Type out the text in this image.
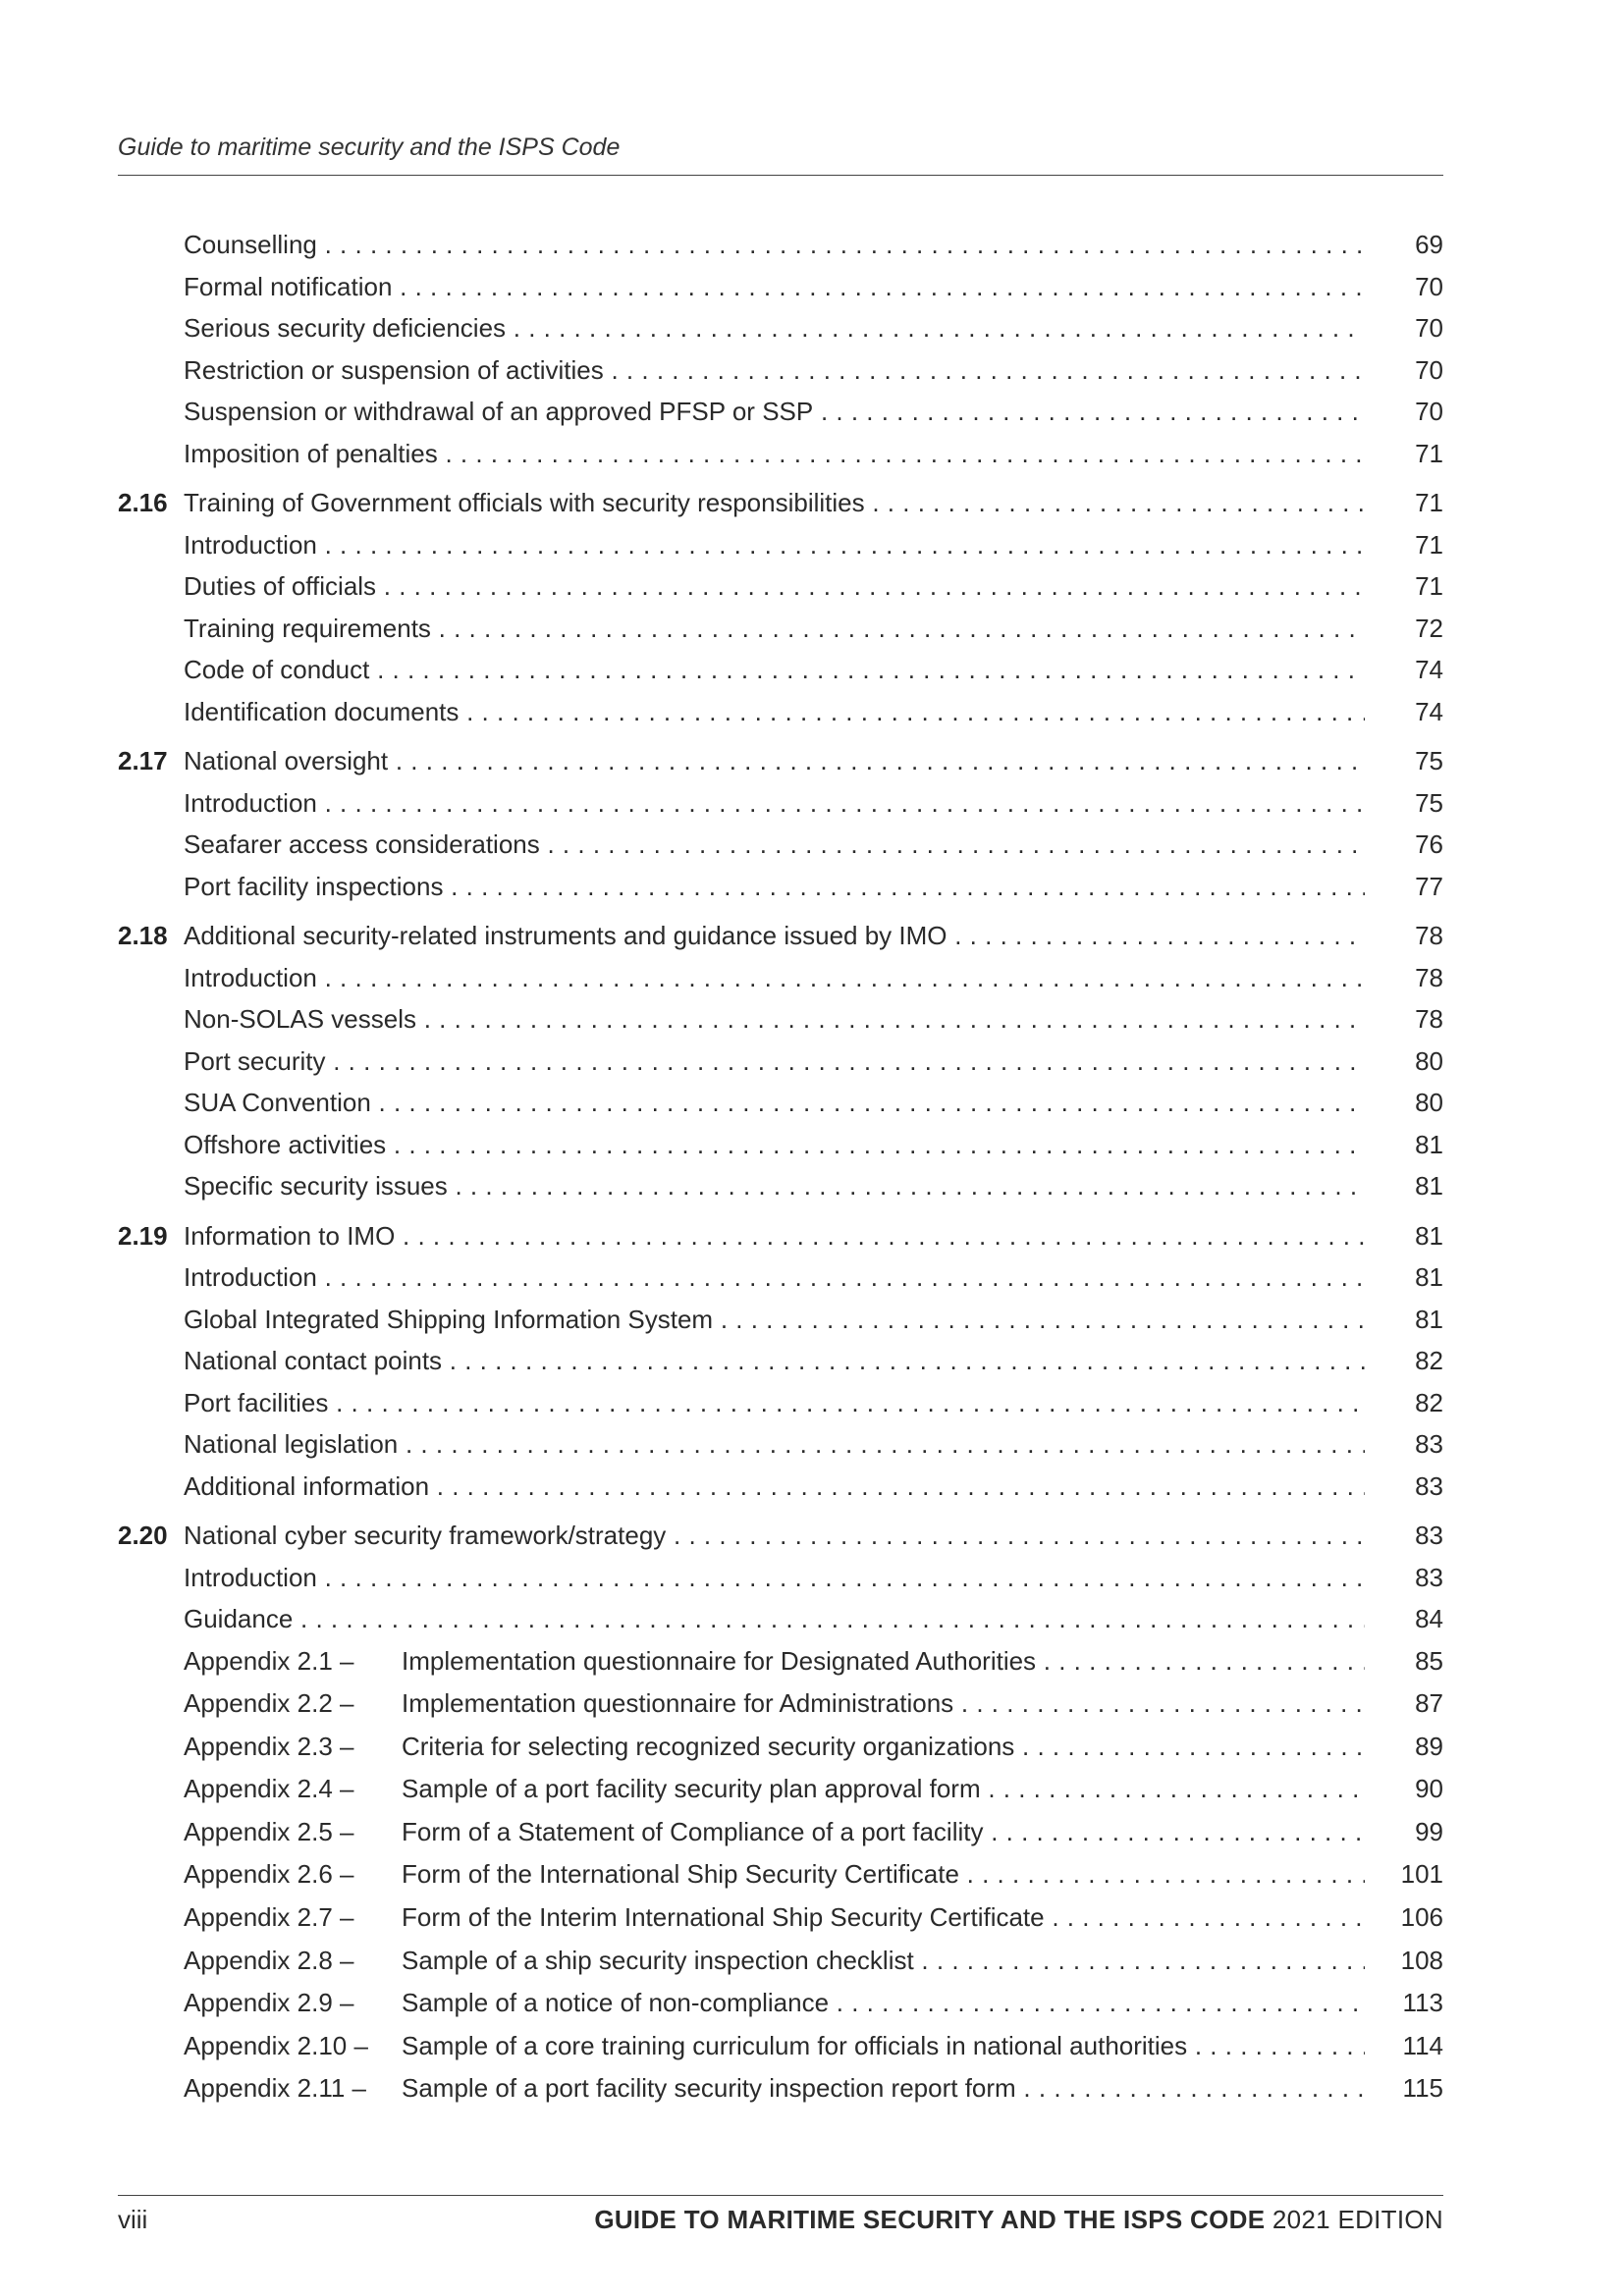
Guide to maritime security and the ISPS Code
Counselling . . .	69
Formal notification . . .	70
Serious security deficiencies . . .	70
Restriction or suspension of activities . . .	70
Suspension or withdrawal of an approved PFSP or SSP . . .	70
Imposition of penalties . . .	71
2.16 Training of Government officials with security responsibilities . . .	71
Introduction . . .	71
Duties of officials . . .	71
Training requirements . . .	72
Code of conduct . . .	74
Identification documents . . .	74
2.17 National oversight . . .	75
Introduction . . .	75
Seafarer access considerations . . .	76
Port facility inspections . . .	77
2.18 Additional security-related instruments and guidance issued by IMO . . .	78
Introduction . . .	78
Non-SOLAS vessels . . .	78
Port security . . .	80
SUA Convention . . .	80
Offshore activities . . .	81
Specific security issues . . .	81
2.19 Information to IMO . . .	81
Introduction . . .	81
Global Integrated Shipping Information System . . .	81
National contact points . . .	82
Port facilities . . .	82
National legislation . . .	83
Additional information . . .	83
2.20 National cyber security framework/strategy . . .	83
Introduction . . .	83
Guidance . . .	84
Appendix 2.1 – Implementation questionnaire for Designated Authorities . . .	85
Appendix 2.2 – Implementation questionnaire for Administrations . . .	87
Appendix 2.3 – Criteria for selecting recognized security organizations . . .	89
Appendix 2.4 – Sample of a port facility security plan approval form . . .	90
Appendix 2.5 – Form of a Statement of Compliance of a port facility . . .	99
Appendix 2.6 – Form of the International Ship Security Certificate . . .	101
Appendix 2.7 – Form of the Interim International Ship Security Certificate . . .	106
Appendix 2.8 – Sample of a ship security inspection checklist . . .	108
Appendix 2.9 – Sample of a notice of non-compliance . . .	113
Appendix 2.10 – Sample of a core training curriculum for officials in national authorities . . .	114
Appendix 2.11 – Sample of a port facility security inspection report form . . .	115
viii	GUIDE TO MARITIME SECURITY AND THE ISPS CODE 2021 EDITION
